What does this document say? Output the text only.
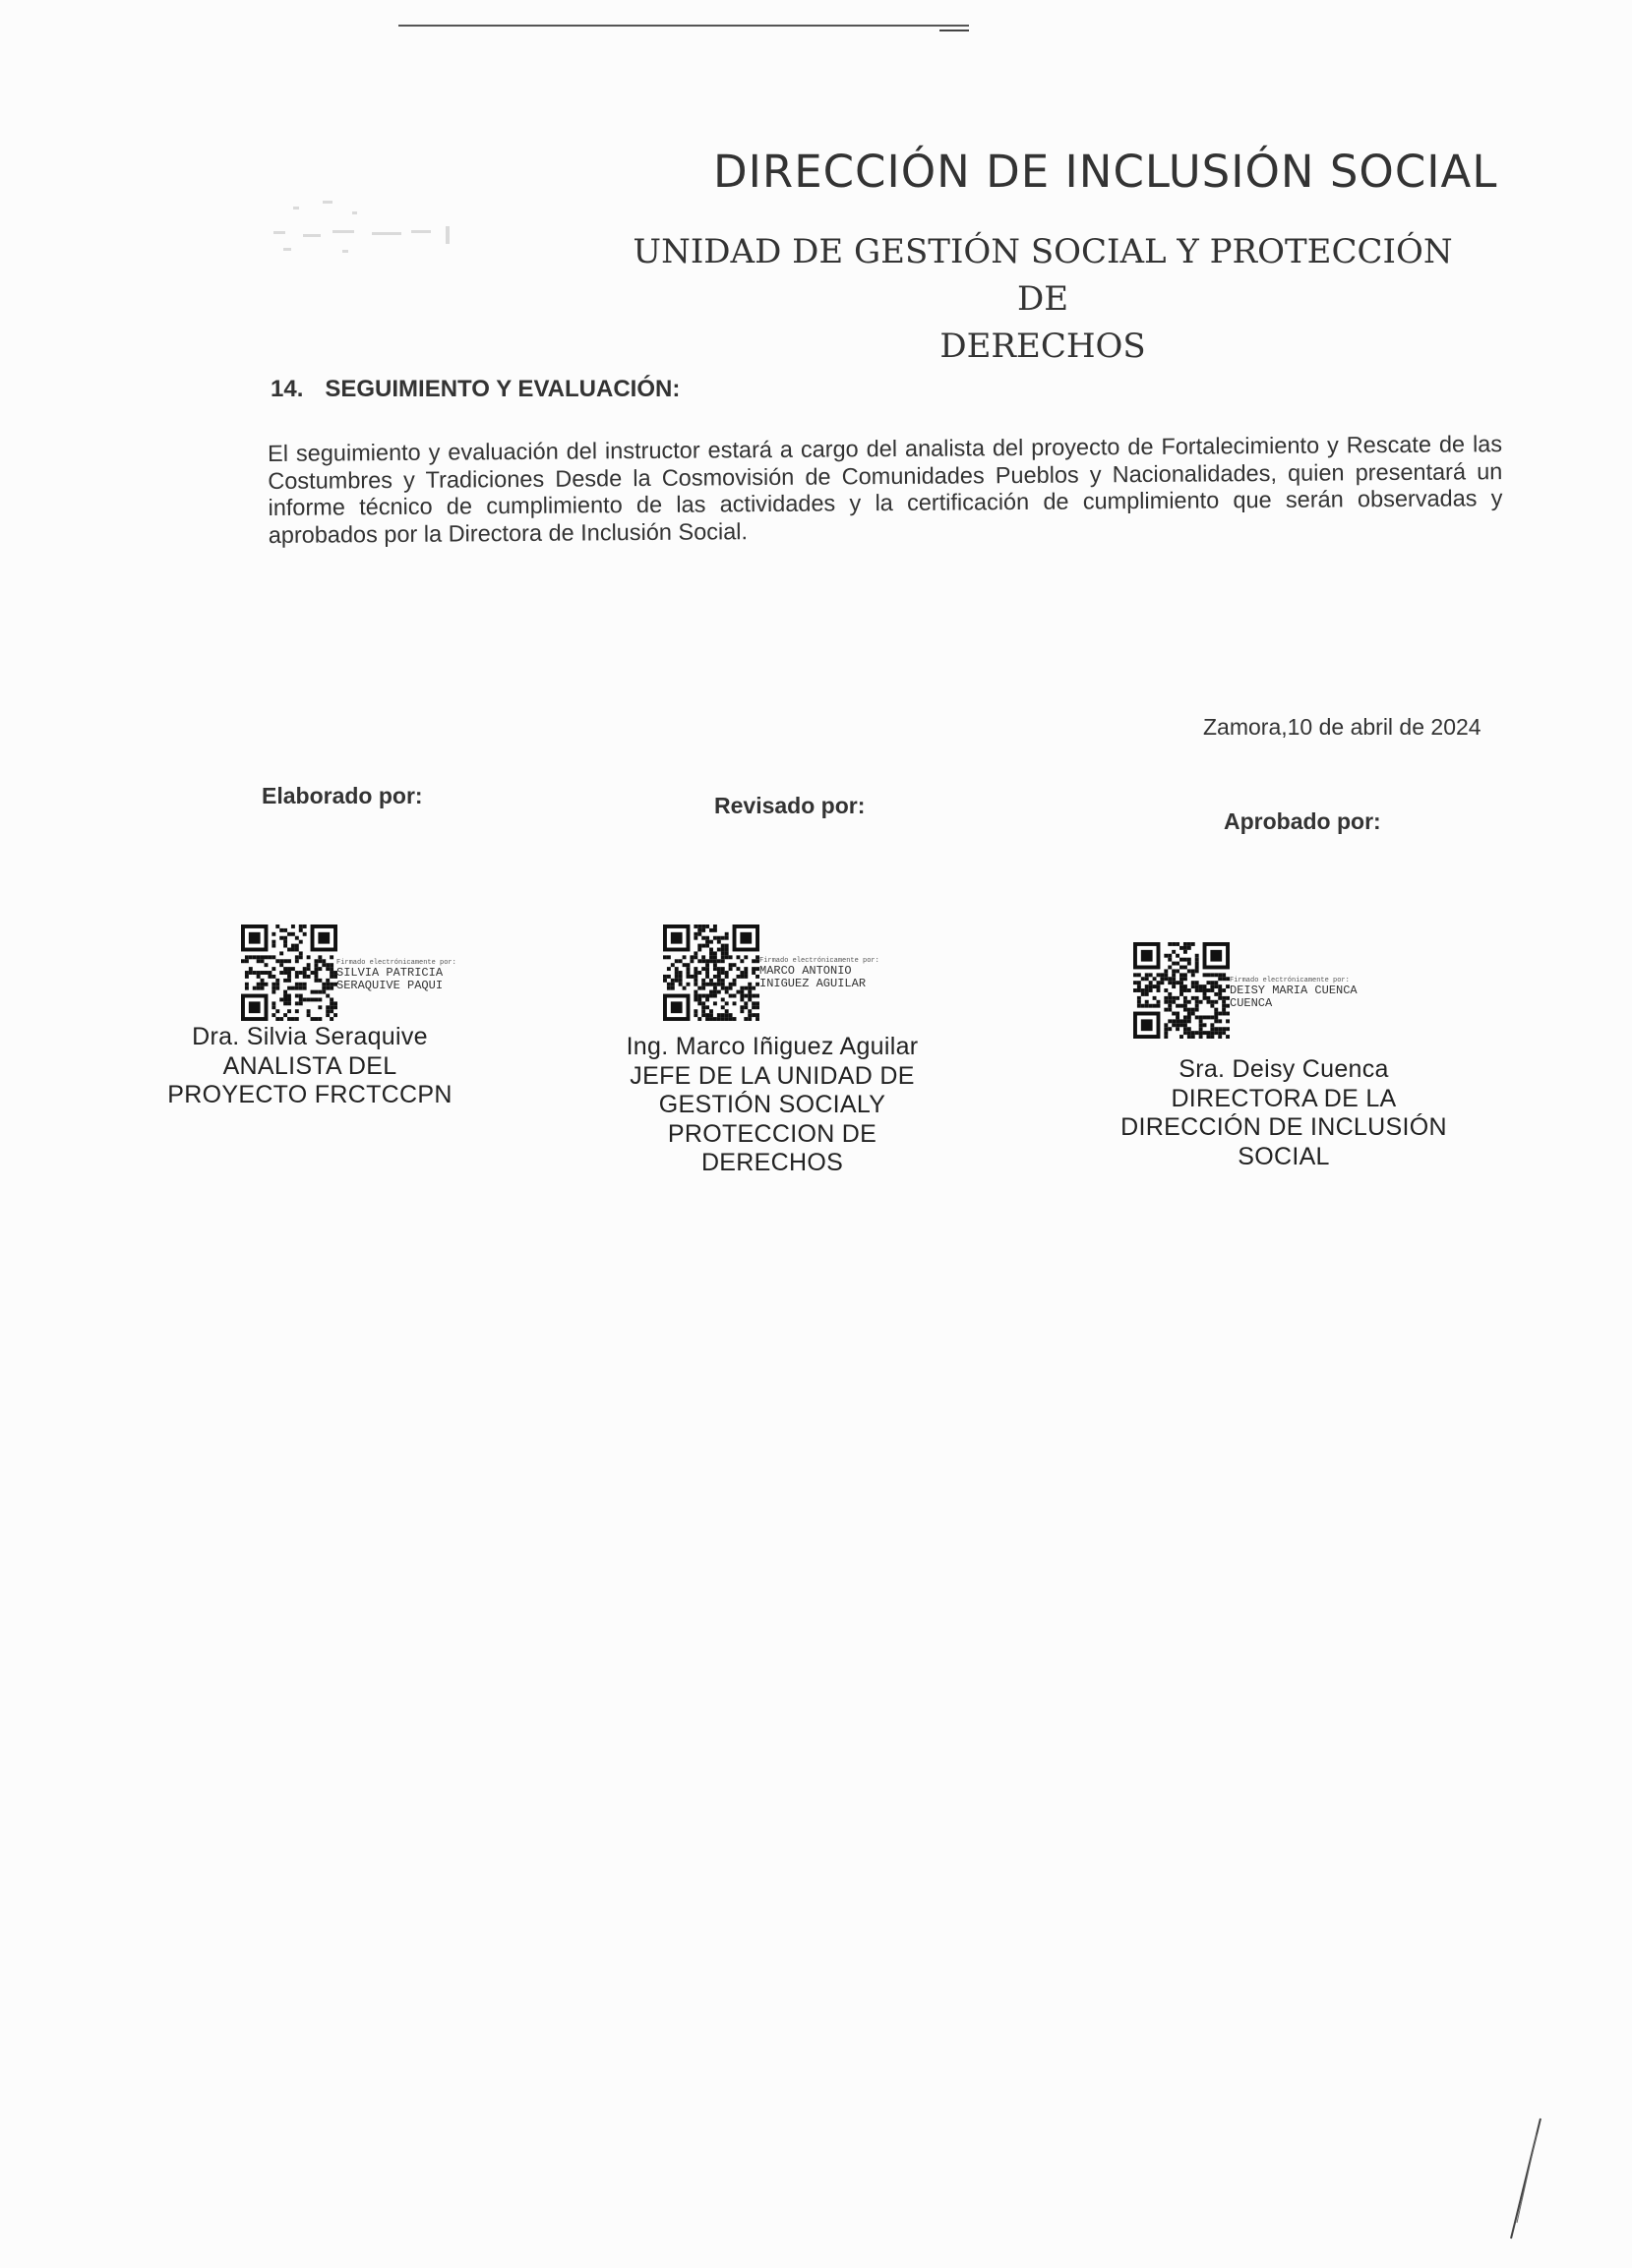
DIRECCIÓN DE INCLUSIÓN SOCIAL
UNIDAD DE GESTIÓN SOCIAL Y PROTECCIÓN DE
DERECHOS
14. SEGUIMIENTO Y EVALUACIÓN:
El seguimiento y evaluación del instructor estará a cargo del analista del proyecto de Fortalecimiento y Rescate de las Costumbres y Tradiciones Desde la Cosmovisión de Comunidades Pueblos y Nacionalidades, quien presentará un informe técnico de cumplimiento de las actividades y la certificación de cumplimiento que serán observadas y aprobados por la Directora de Inclusión Social.
Zamora,10 de abril de 2024
Elaborado por:
Firmado electrónicamente por:
SILVIA PATRICIA
SERAQUIVE PAQUI
Dra. Silvia Seraquive
ANALISTA DEL
PROYECTO FRCTCCPN
Revisado por:
Firmado electrónicamente por:
MARCO ANTONIO
INIGUEZ AGUILAR
Ing. Marco Iñiguez Aguilar
JEFE DE LA UNIDAD DE
GESTIÓN SOCIALY
PROTECCION DE
DERECHOS
Aprobado por:
Firmado electrónicamente por:
DEISY MARIA CUENCA
CUENCA
Sra. Deisy Cuenca
DIRECTORA DE LA
DIRECCIÓN DE INCLUSIÓN
SOCIAL
